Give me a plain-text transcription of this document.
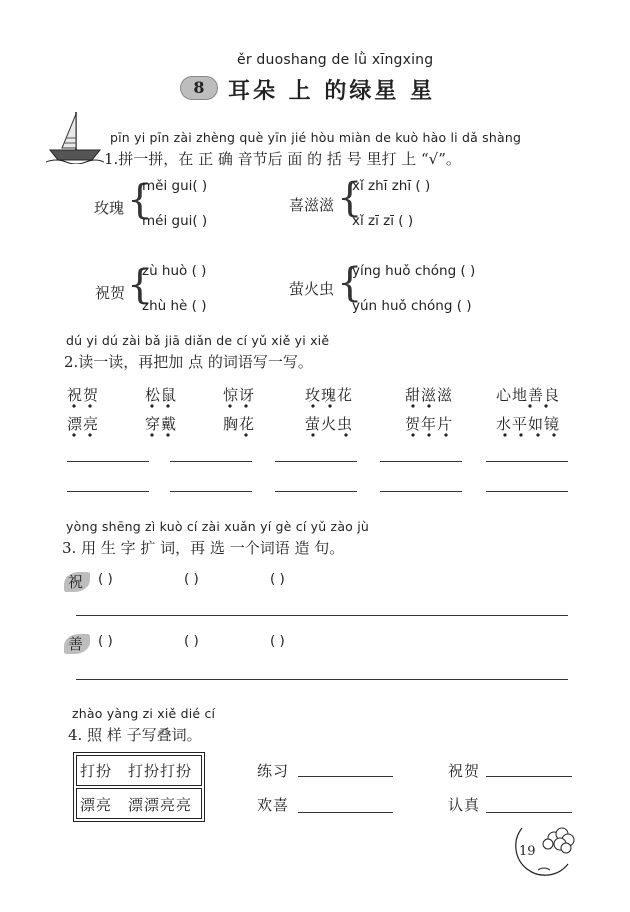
ěr duoshang de lǜ xīngxing
8	耳朵 上 的绿星 星
pīn yi pīn zài zhèng què yīn jié hòu miàn de kuò hào li dǎ shàng
1.拼一拼，在 正 确 音节后 面 的 括 号 里打 上 “√”。
玫瑰 {
měi gui( )
méi gui( )
喜滋滋 {
xǐ zhī zhī ( )
xǐ zī zī ( )
祝贺 {
zù huò ( )
zhù hè ( )
萤火虫 {
yíng huǒ chóng ( )
yún huǒ chóng ( )
dú yi dú zài bǎ jiā diǎn de cí yǔ xiě yi xiě
2.读一读，再把加 点 的词语写一写。
祝贺	松鼠	惊讶	玫瑰花	甜滋滋	心地善良
漂亮	穿戴	胸花	萤火虫	贺年片	水平如镜
yòng shēng zì kuò cí zài xuǎn yí gè cí yǔ zào jù
3. 用 生 字 扩 词，再 选 一个词语 造 句。
祝 ( )	( )	( )
善 ( )	( )	( )
zhào yàng zi xiě dié cí
4. 照 样 子写叠词。
打扮 打扮打扮
漂亮 漂漂亮亮
练习	祝贺
欢喜	认真
19
